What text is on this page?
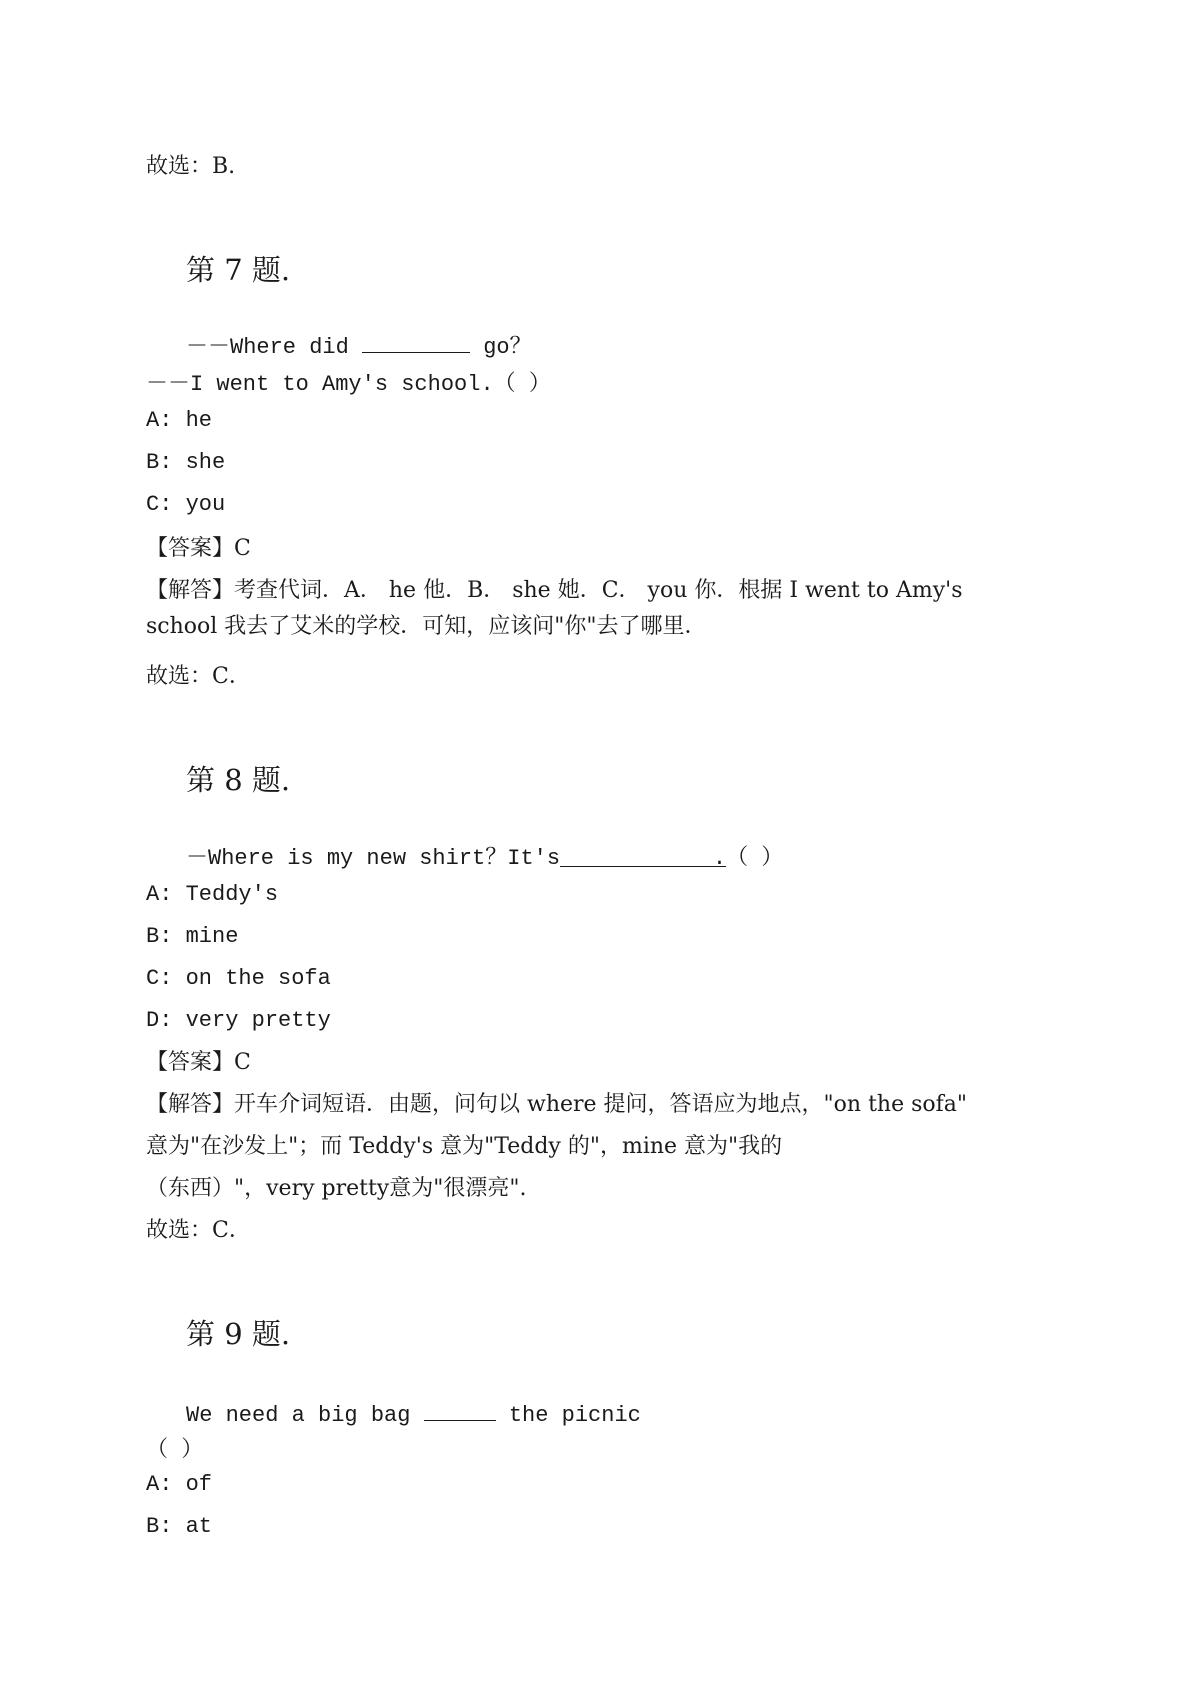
故选：B.
第 7 题.
－－Where did	go？
－－I went to Amy's school.（ ）
A: he
B: she
C: you
【答案】C
【解答】考查代词．A． he 他．B． she 她．C． you 你．根据 I went to Amy's
school 我去了艾米的学校．可知，应该问"你"去了哪里．
故选：C．
第 8 题.
－Where is my new shirt？It's	.（ ）
A: Teddy's
B: mine
C: on the sofa
D: very pretty
【答案】C
【解答】开车介词短语．由题，问句以 where 提问，答语应为地点，"on the sofa"
意为"在沙发上"；而 Teddy's 意为"Teddy 的"，mine 意为"我的
（东西）"，very pretty意为"很漂亮".
故选：C．
第 9 题.
We need a big bag	the picnic
（ ）
A: of
B: at
